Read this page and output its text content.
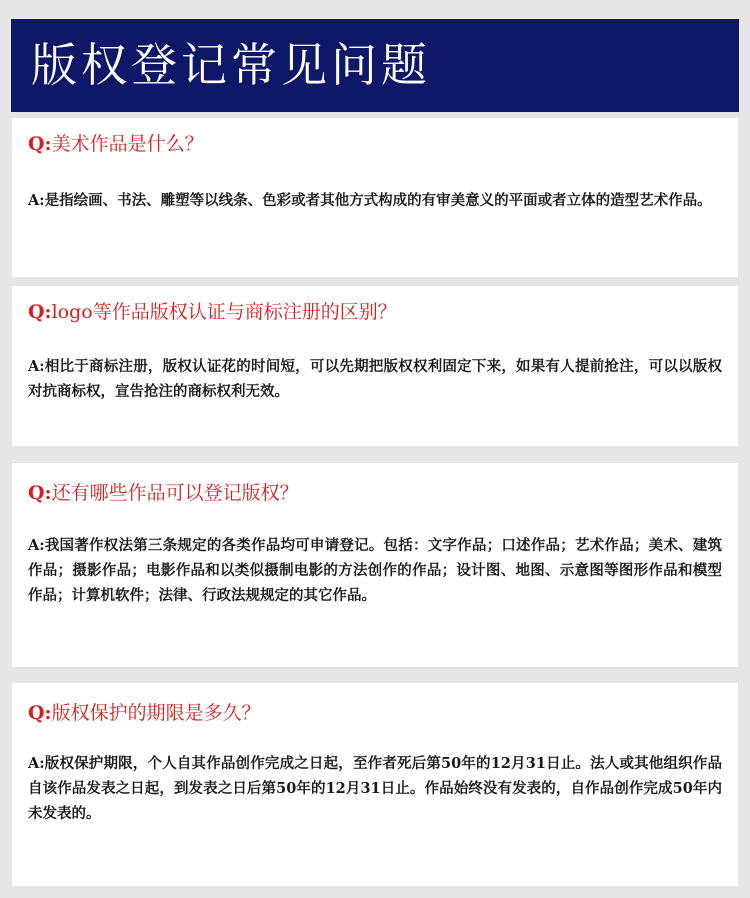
版权登记常见问题
Q:美术作品是什么？
A:是指绘画、书法、雕塑等以线条、色彩或者其他方式构成的有审美意义的平面或者立体的造型艺术作品。
Q:logo等作品版权认证与商标注册的区别？
A:相比于商标注册，版权认证花的时间短，可以先期把版权权利固定下来，如果有人提前抢注，可以以版权对抗商标权，宣告抢注的商标权利无效。
Q:还有哪些作品可以登记版权？
A:我国著作权法第三条规定的各类作品均可申请登记。包括：文字作品；口述作品；艺术作品；美术、建筑作品；摄影作品；电影作品和以类似摄制电影的方法创作的作品；设计图、地图、示意图等图形作品和模型作品；计算机软件；法律、行政法规规定的其它作品。
Q:版权保护的期限是多久？
A:版权保护期限，个人自其作品创作完成之日起，至作者死后第50年的12月31日止。法人或其他组织作品自该作品发表之日起，到发表之日后第50年的12月31日止。作品始终没有发表的，自作品创作完成50年内未发表的。
